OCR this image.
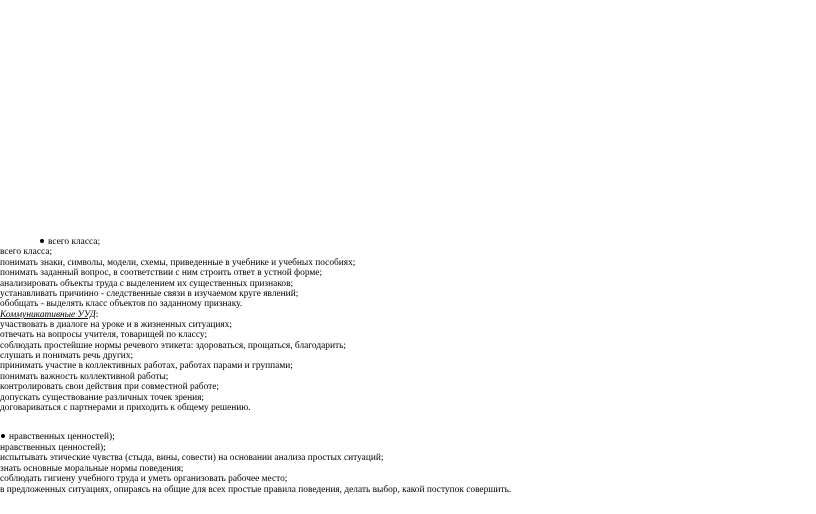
всего класса;
всего класса;
понимать знаки, символы, модели, схемы, приведенные в учебнике и учебных пособиях;
понимать заданный вопрос, в соответствии с ним строить ответ в устной форме;
анализировать объекты труда с выделением их существенных признаков;
устанавливать причинно - следственные связи в изучаемом круге явлений;
обобщать - выделять класс объектов по заданному признаку.
Коммуникативные УУД:
участвовать в диалоге на уроке и в жизненных ситуациях;
отвечать на вопросы учителя, товарищей по классу;
соблюдать простейшие нормы речевого этикета: здороваться, прощаться, благодарить;
слушать и понимать речь других;
принимать участие в коллективных работах, работах парами и группами;
понимать важность коллективной работы;
контролировать свои действия при совместной работе;
допускать существование различных точек зрения;
договариваться с партнерами и приходить к общему решению.
нравственных ценностей);
нравственных ценностей);
испытывать этические чувства (стыда, вины, совести) на основании анализа простых ситуаций;
знать основные моральные нормы поведения;
соблюдать гигиену учебного труда и уметь организовать рабочее место;
в предложенных ситуациях, опираясь на общие для всех простые правила поведения, делать выбор, какой поступок совершить.
